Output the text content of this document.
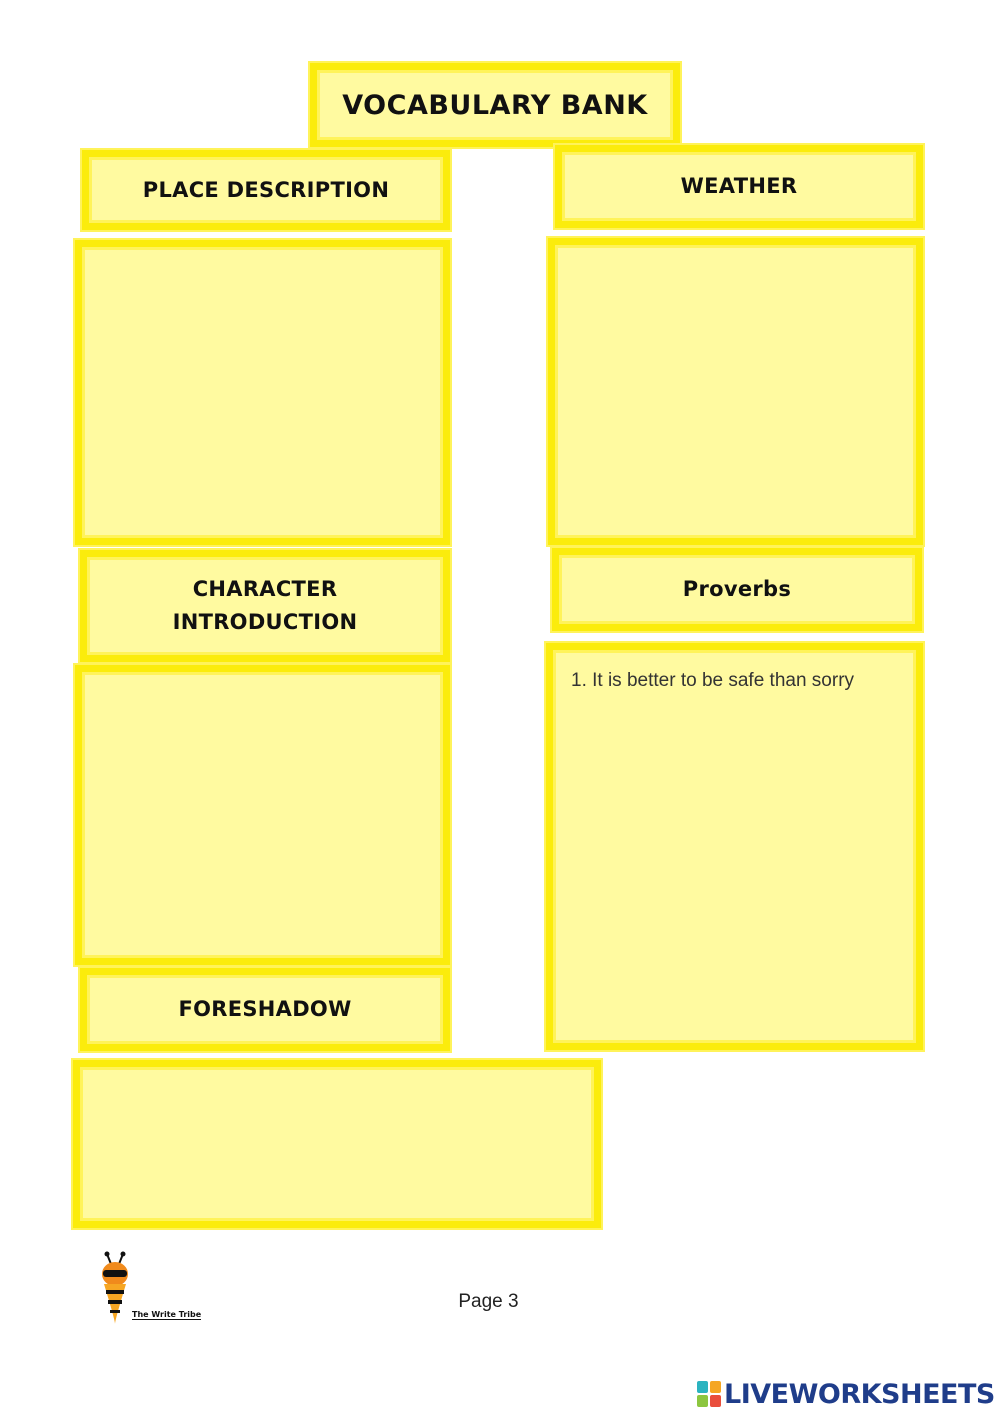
VOCABULARY BANK
PLACE DESCRIPTION	WEATHER
CHARACTER
INTRODUCTION
Proverbs

1. It is better to be safe than sorry

FORESHADOW
The Write Tribe
Page 3
LIVEWORKSHEETS
